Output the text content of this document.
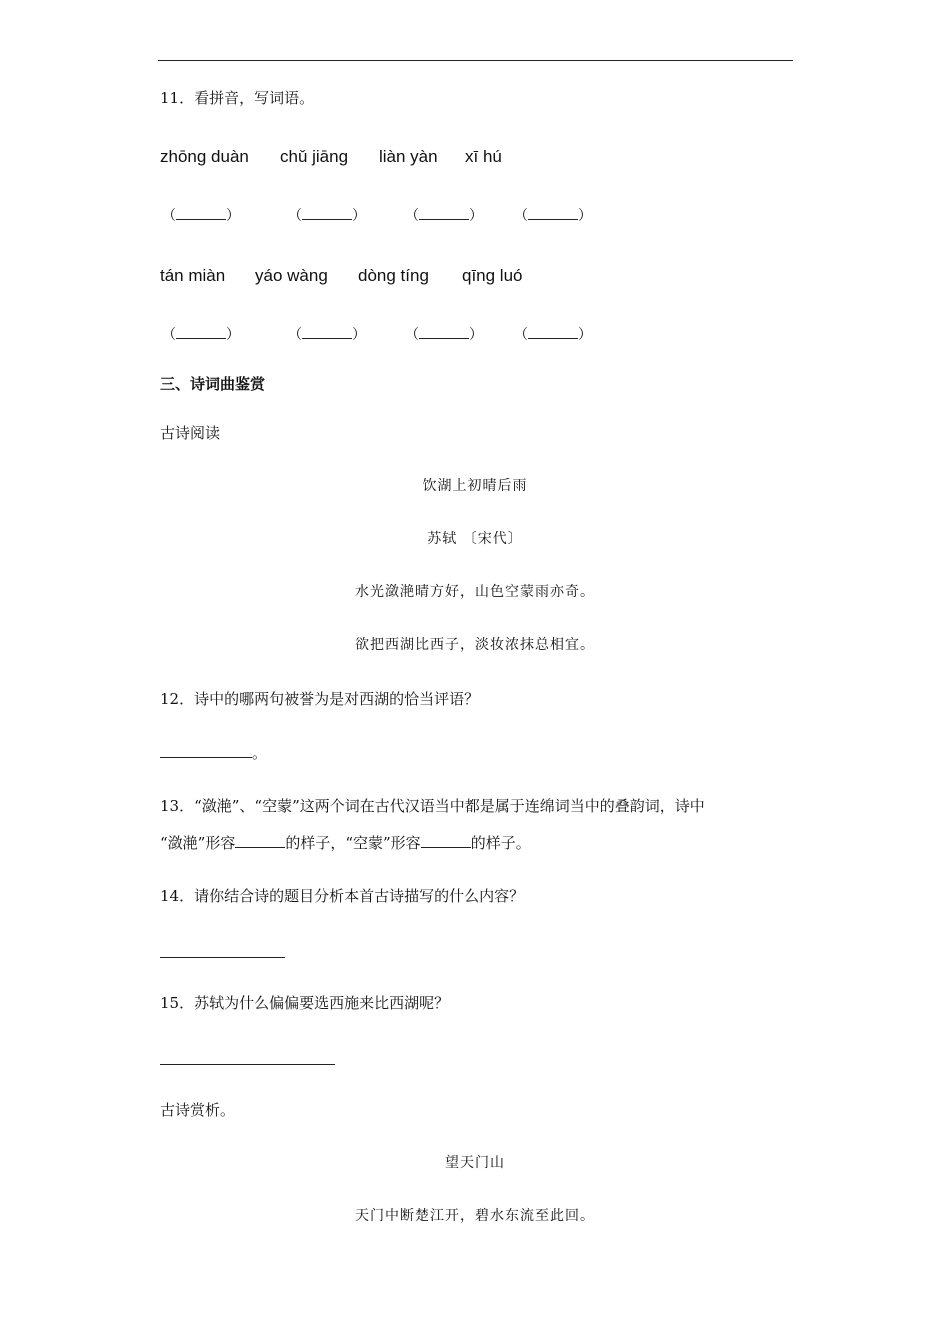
11．看拼音，写词语。
zhōng duàn chǔ jiāng liàn yàn xī hú
（	）	（	）	（	） （	）
tán miàn yáo wàng dòng tíng qīng luó
（	）	（	）	（	） （	）
三、诗词曲鉴赏
古诗阅读
饮湖上初晴后雨
苏轼 〔宋代〕
水光潋滟晴方好，山色空蒙雨亦奇。
欲把西湖比西子，淡妆浓抹总相宜。
12．诗中的哪两句被誉为是对西湖的恰当评语？
。
13．“潋滟”、“空蒙”这两个词在古代汉语当中都是属于连绵词当中的叠韵词，诗中
“潋滟”形容	的样子，“空蒙”形容	的样子。
14．请你结合诗的题目分析本首古诗描写的什么内容？
15．苏轼为什么偏偏要选西施来比西湖呢？
古诗赏析。
望天门山
天门中断楚江开，碧水东流至此回。
